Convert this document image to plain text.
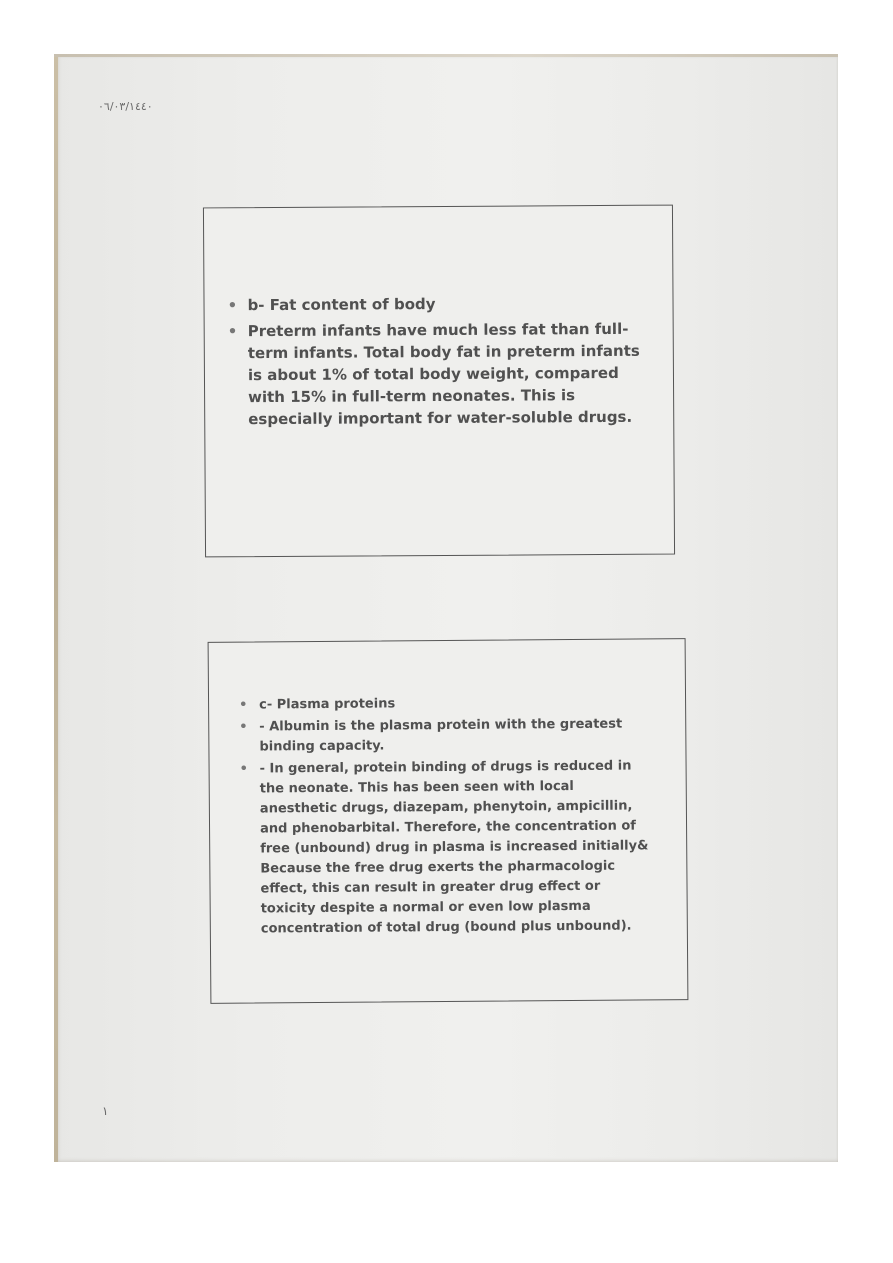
٠٦/٠٣/١٤٤٠
• b- Fat content of body
• Preterm infants have much less fat than full-term infants. Total body fat in preterm infants is about 1% of total body weight, compared with 15% in full-term neonates. This is especially important for water-soluble drugs.
• c- Plasma proteins
• - Albumin is the plasma protein with the greatest binding capacity.
• - In general, protein binding of drugs is reduced in the neonate. This has been seen with local anesthetic drugs, diazepam, phenytoin, ampicillin, and phenobarbital. Therefore, the concentration of free (unbound) drug in plasma is increased initially& Because the free drug exerts the pharmacologic effect, this can result in greater drug effect or toxicity despite a normal or even low plasma concentration of total drug (bound plus unbound).
١
